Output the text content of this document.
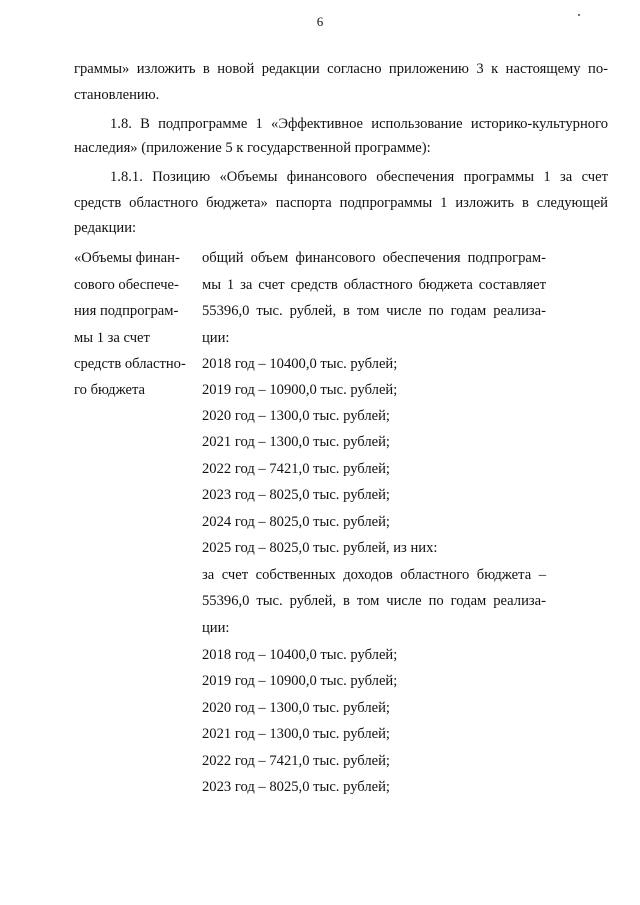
6
граммы» изложить в новой редакции согласно приложению 3 к настоящему по-
становлению.
1.8. В подпрограмме 1 «Эффективное использование историко-культурного
наследия» (приложение 5 к государственной программе):
1.8.1. Позицию «Объемы финансового обеспечения программы 1 за счет
средств областного бюджета» паспорта подпрограммы 1 изложить в следующей
редакции:
«Объемы финан-
сового обеспече-
ния подпрограм-
мы 1 за счет
средств областно-
го бюджета
общий объем финансового обеспечения подпрограм-
мы 1 за счет средств областного бюджета составляет
55396,0 тыс. рублей, в том числе по годам реализа-
ции:
2018 год – 10400,0 тыс. рублей;
2019 год – 10900,0 тыс. рублей;
2020 год – 1300,0 тыс. рублей;
2021 год – 1300,0 тыс. рублей;
2022 год – 7421,0 тыс. рублей;
2023 год – 8025,0 тыс. рублей;
2024 год – 8025,0 тыс. рублей;
2025 год – 8025,0 тыс. рублей, из них:
за счет собственных доходов областного бюджета –
55396,0 тыс. рублей, в том числе по годам реализа-
ции:
2018 год – 10400,0 тыс. рублей;
2019 год – 10900,0 тыс. рублей;
2020 год – 1300,0 тыс. рублей;
2021 год – 1300,0 тыс. рублей;
2022 год – 7421,0 тыс. рублей;
2023 год – 8025,0 тыс. рублей;
